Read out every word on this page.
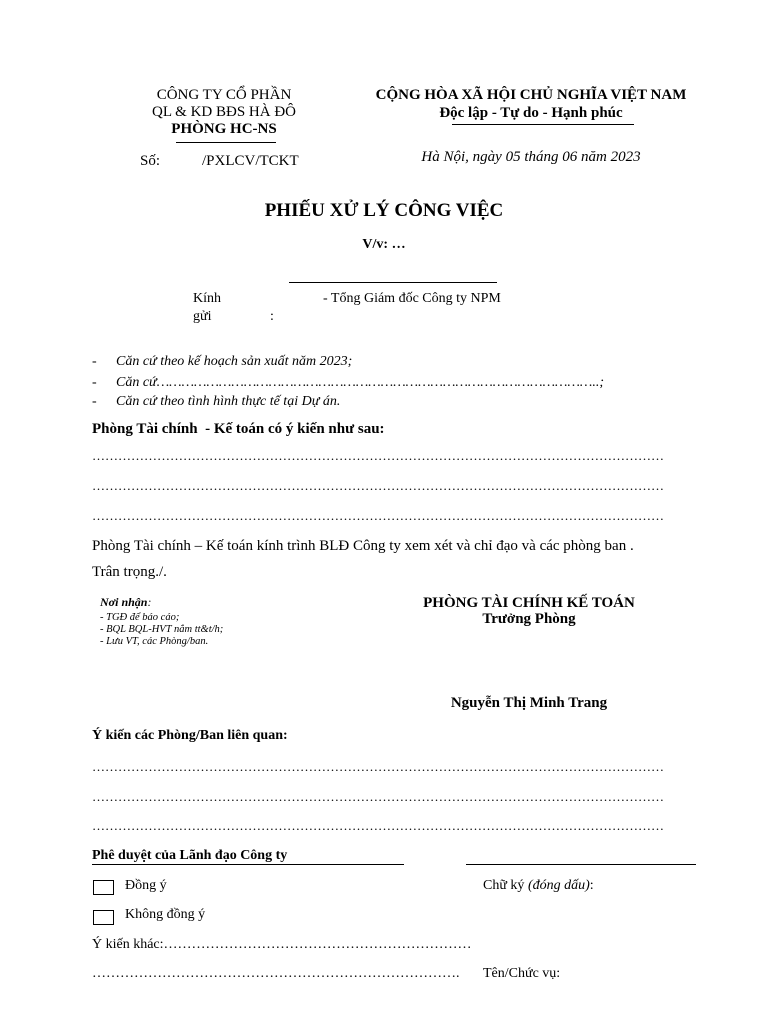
CÔNG TY CỔ PHẦN
QL & KD BĐS HÀ ĐÔ
PHÒNG HC-NS
Số:	/PXLCV/TCKT
CỘNG HÒA XÃ HỘI CHỦ NGHĨA VIỆT NAM
Độc lập - Tự do - Hạnh phúc
Hà Nội, ngày 05 tháng 06 năm 2023
PHIẾU XỬ LÝ CÔNG VIỆC
V/v: …
Kính
gửi	:
- Tổng Giám đốc Công ty NPM
- Căn cứ theo kế hoạch sản xuất năm 2023;
- Căn cứ……………………………………………………………………………………………..;
- Căn cứ theo tình hình thực tế tại Dự án.
Phòng Tài chính  - Kế toán có ý kiến như sau:
……………………………………………………………………………………………………………………
……………………………………………………………………………………………………………………
……………………………………………………………………………………………………………………
Phòng Tài chính – Kế toán kính trình BLĐ Công ty xem xét và chỉ đạo và các phòng ban .
Trân trọng./.
Nơi nhận:
- TGĐ để báo cáo;
- BQL BQL-HVT nắm tt&t/h;
- Lưu VT, các Phòng/ban.
PHÒNG TÀI CHÍNH KẾ TOÁN
Trưởng Phòng
Nguyễn Thị Minh Trang
Ý kiến các Phòng/Ban liên quan:
……………………………………………………………………………………………………………………
……………………………………………………………………………………………………………………
……………………………………………………………………………………………………………………
Phê duyệt của Lãnh đạo Công ty
Đồng ý	Chữ ký (đóng dấu):
Không đồng ý
Ý kiến khác:…………………………………………………………
……………………………………………………………………. Tên/Chức vụ:
